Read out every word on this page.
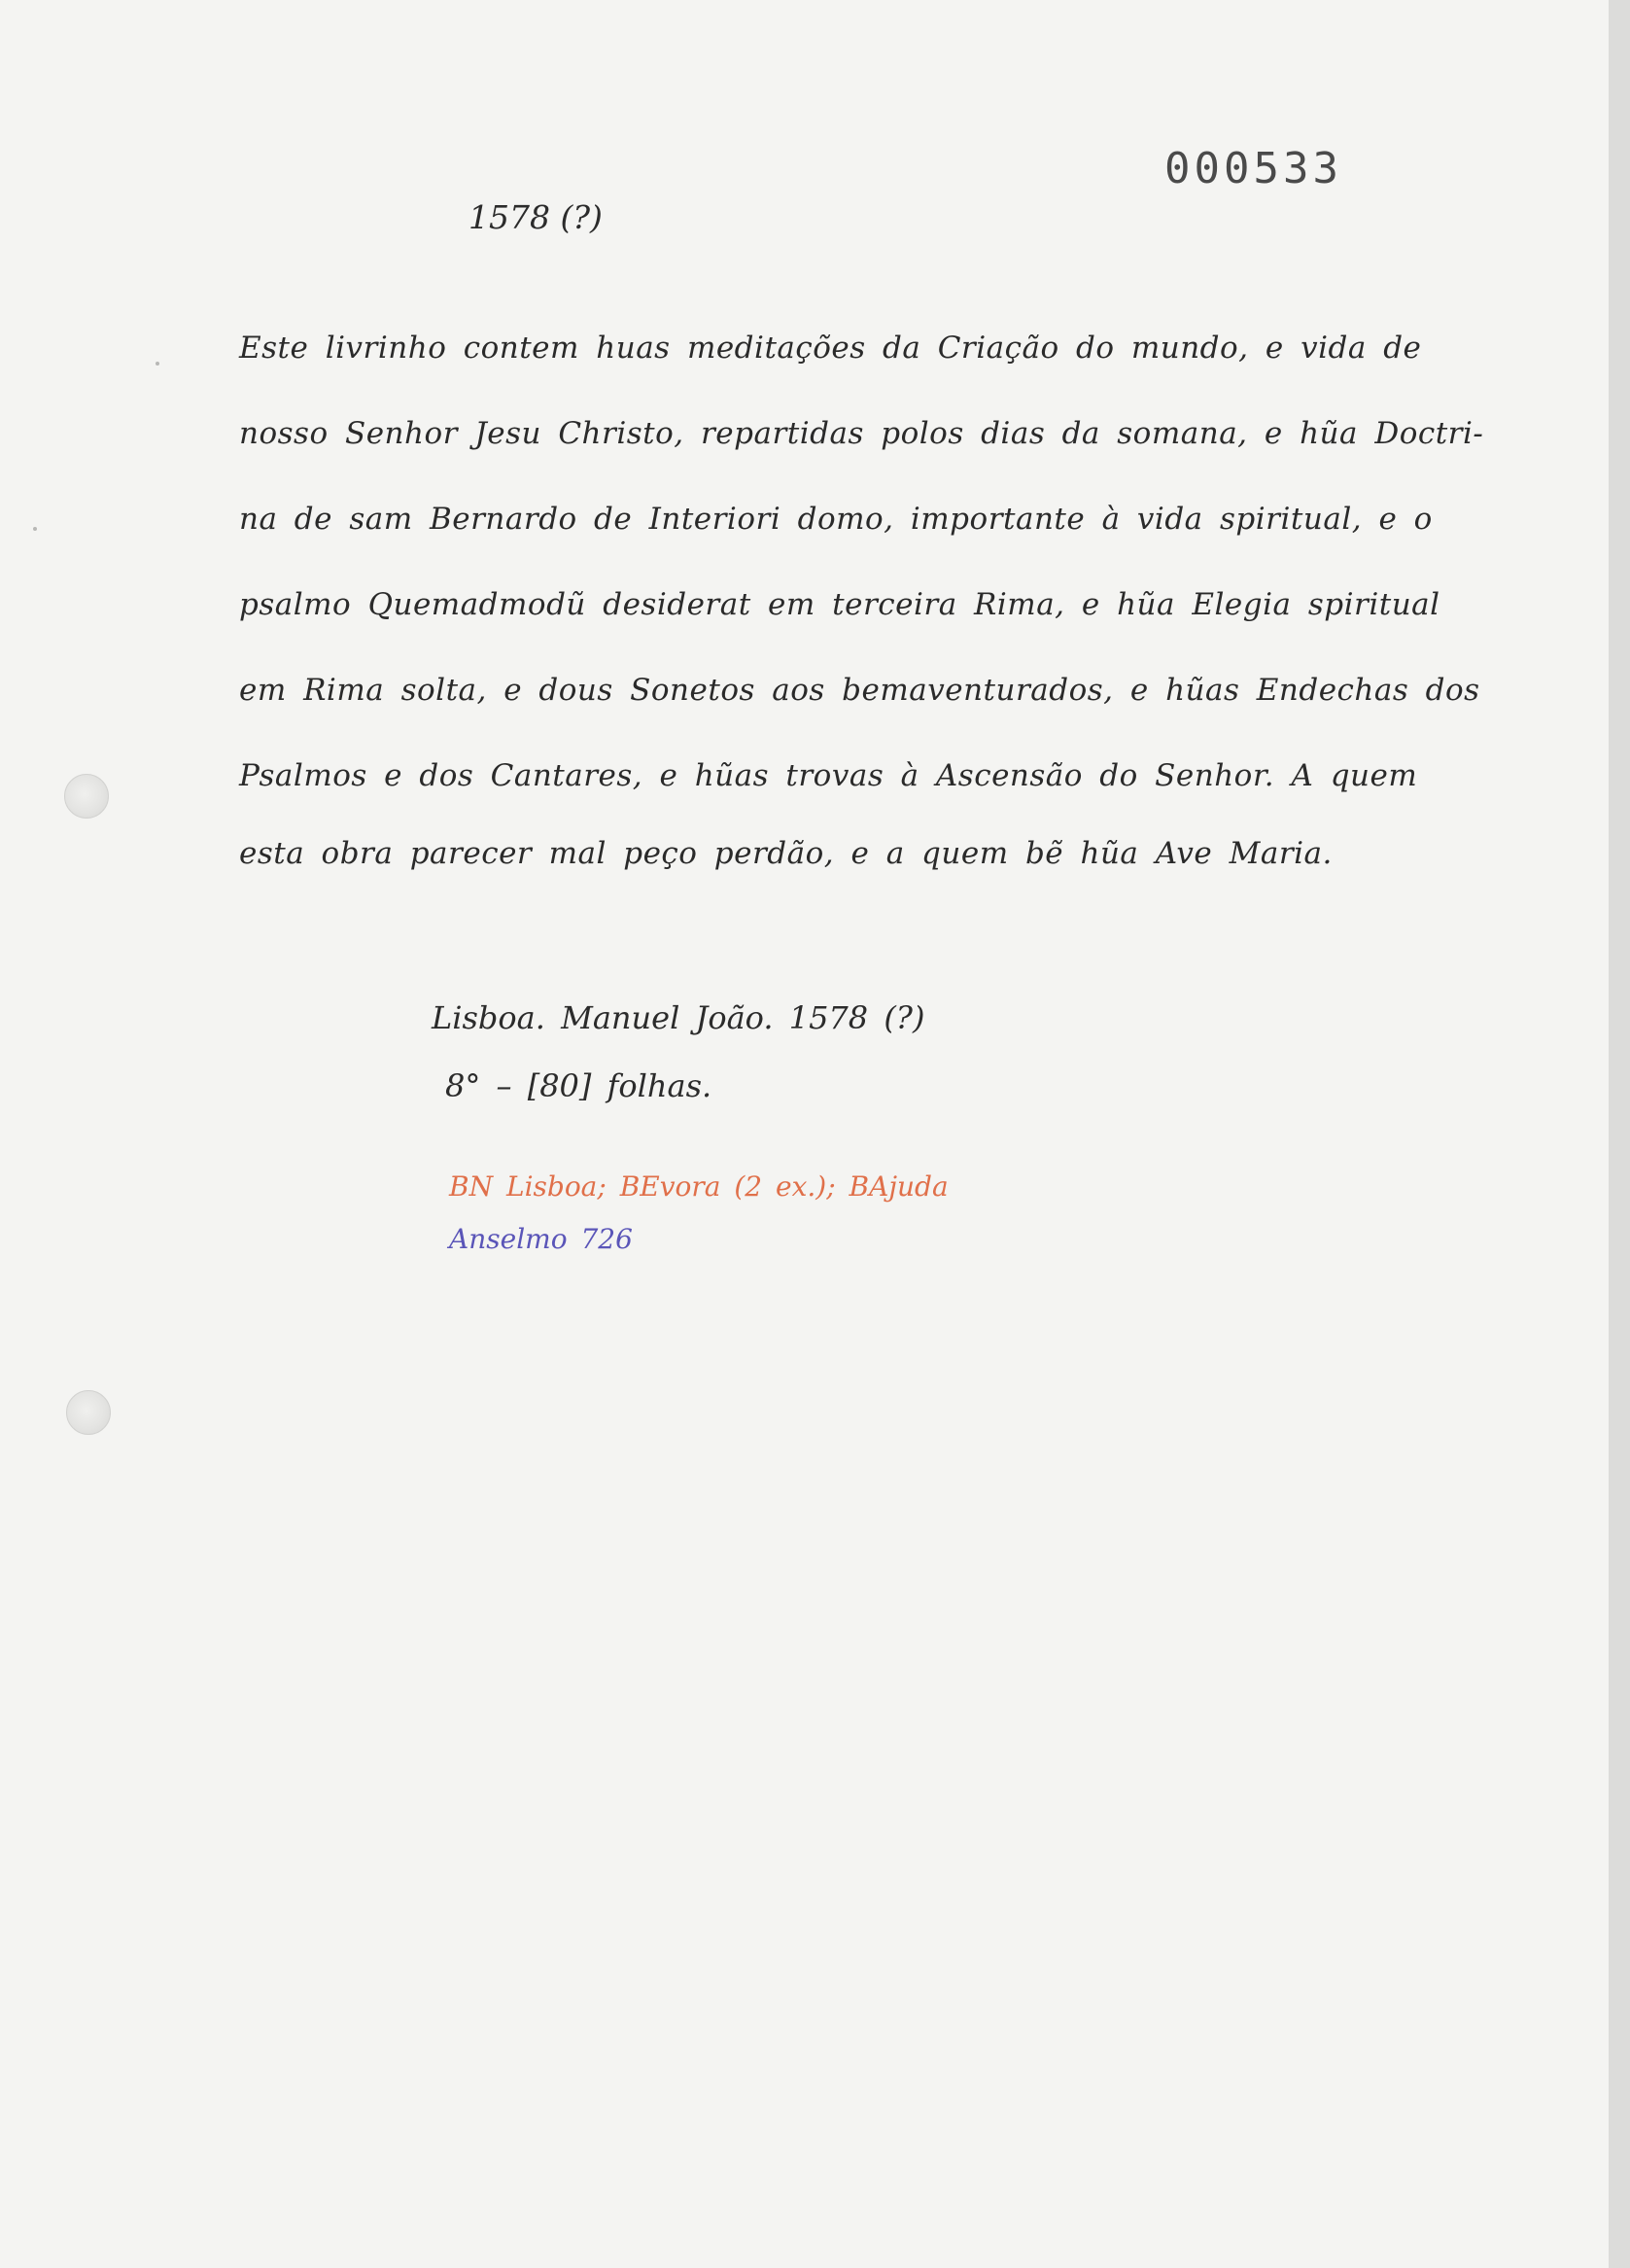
000533
1578 (?)
Este livrinho contem huas meditações da Criação do mundo, e vida de
nosso Senhor Jesu Christo, repartidas polos dias da somana, e hũa Doctri-
na de sam Bernardo de Interiori domo, importante à vida spiritual, e o
psalmo Quemadmodũ desiderat em terceira Rima, e hũa Elegia spiritual
em Rima solta, e dous Sonetos aos bemaventurados, e hũas Endechas dos
Psalmos e dos Cantares, e hũas trovas à Ascensão do Senhor. A quem
esta obra parecer mal peço perdão, e a quem bẽ hũa Ave Maria.
Lisboa. Manuel João. 1578 (?)
8° – [80] folhas.
BN Lisboa; BEvora (2 ex.); BAjuda
Anselmo 726
